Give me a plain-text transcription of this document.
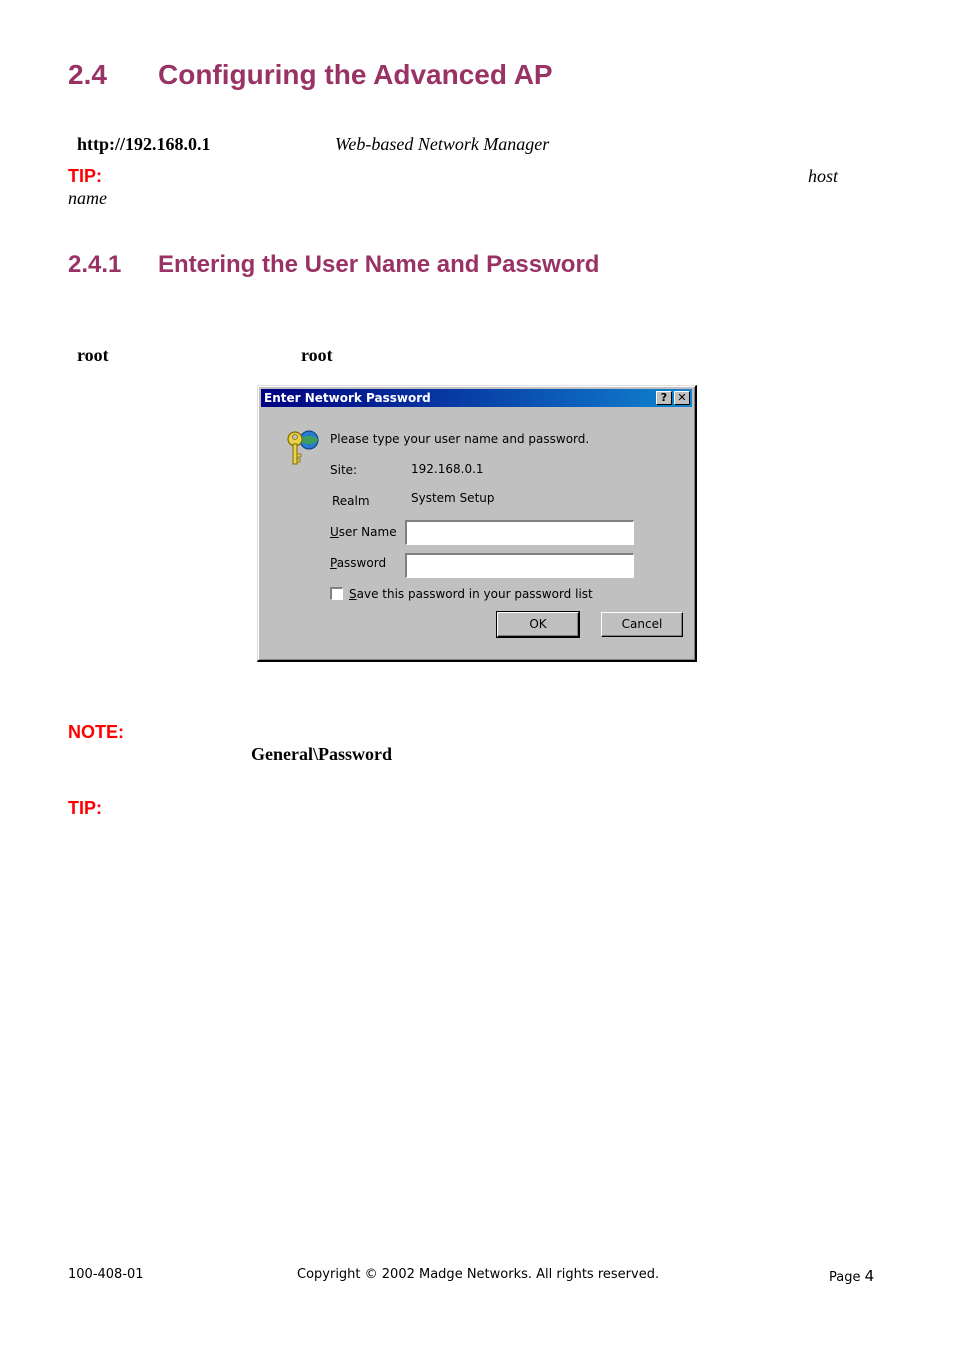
2.4 Configuring the Advanced AP
http://192.168.0.1	Web-based Network Manager
TIP:	host
name
2.4.1 Entering the User Name and Password
root	root
Enter Network Password	? ✕
Please type your user name and password.
Site:	192.168.0.1
Realm	System Setup
User Name
Password
Save this password in your password list
OK	Cancel
NOTE:
General\Password
TIP:
100-408-01	Copyright © 2002 Madge Networks. All rights reserved.	Page 4
